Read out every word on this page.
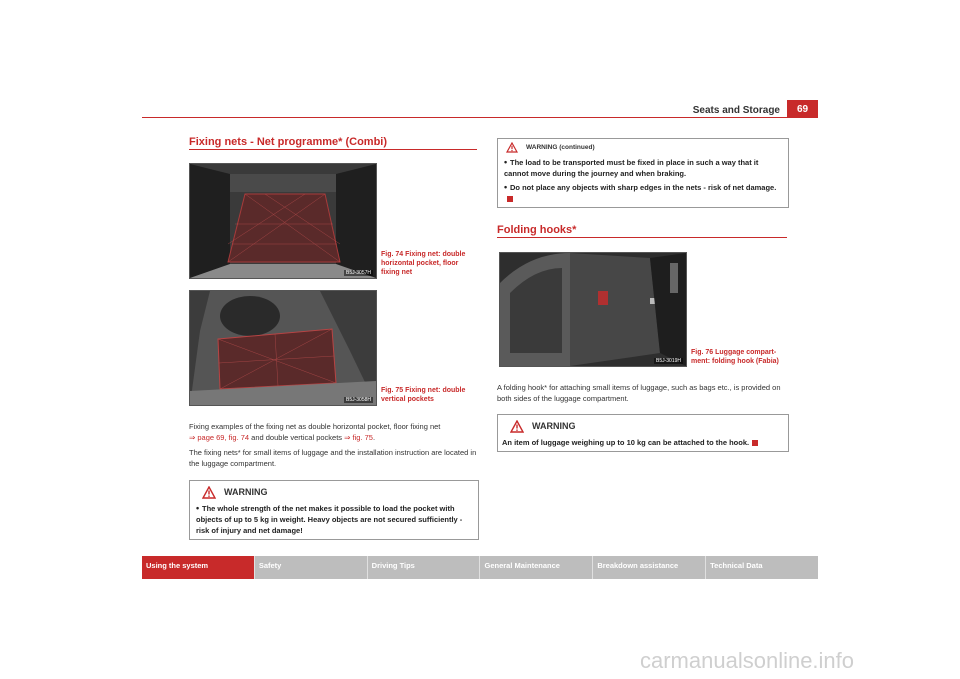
Seats and Storage	69
Fixing nets - Net programme* (Combi)
B5J-3057H
Fig. 74 Fixing net: double horizontal pocket, floor fixing net
B5J-3058H
Fig. 75 Fixing net: double vertical pockets
Fixing examples of the fixing net as double horizontal pocket, floor fixing net
⇒ page 69, fig. 74 and double vertical pockets ⇒ fig. 75.
The fixing nets* for small items of luggage and the installation instruction are located in the luggage compartment.
WARNING
• The whole strength of the net makes it possible to load the pocket with objects of up to 5 kg in weight. Heavy objects are not secured sufficiently - risk of injury and net damage!
WARNING (continued)
• The load to be transported must be fixed in place in such a way that it cannot move during the journey and when braking.
• Do not place any objects with sharp edges in the nets - risk of net damage.
Folding hooks*
B5J-3019H
Fig. 76 Luggage compart-ment: folding hook (Fabia)
A folding hook* for attaching small items of luggage, such as bags etc., is provided on both sides of the luggage compartment.
WARNING
An item of luggage weighing up to 10 kg can be attached to the hook.
Using the system	Safety	Driving Tips	General Maintenance	Breakdown assistance	Technical Data
carmanualsonline.info
